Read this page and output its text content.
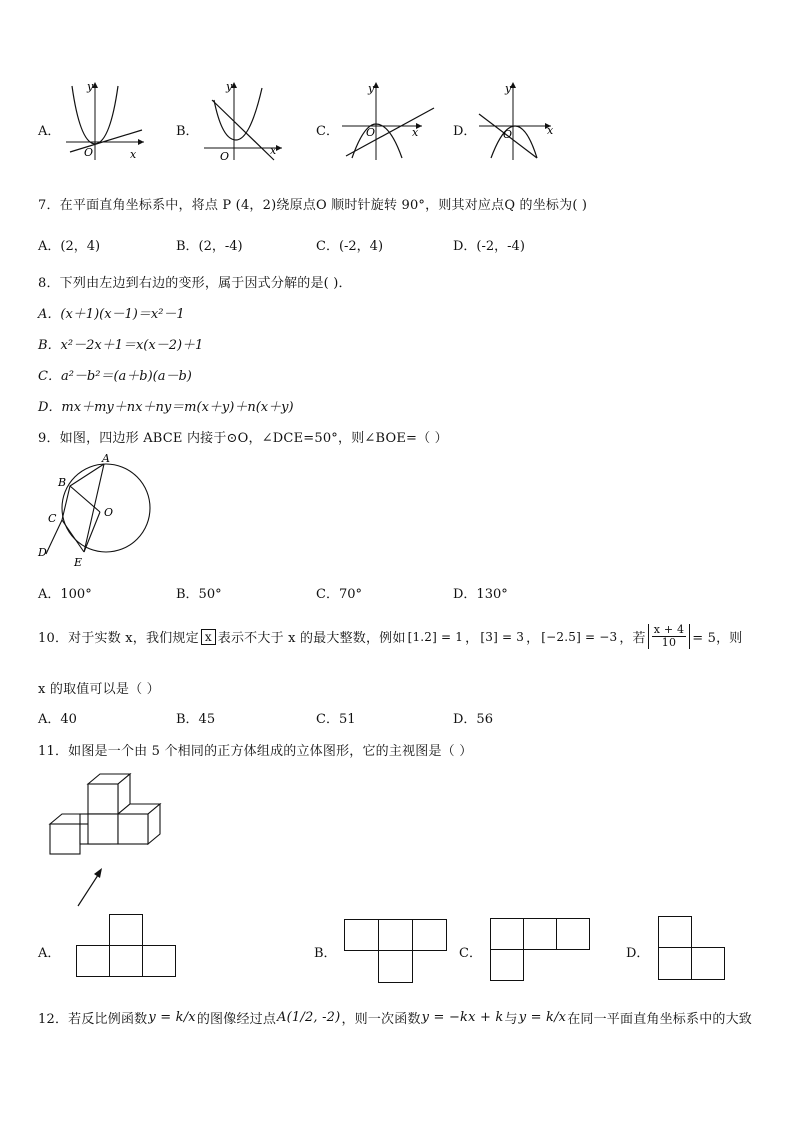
A．
y
x
O
B．
y
x
O
C．
y
x
O	D．
y
x
O
7．在平面直角坐标系中，将点 P (4，2)绕原点O 顺时针旋转 90°，则其对应点Q 的坐标为( )
A．(2，4)	B．(2，-4)	C．(-2，4)	D．(-2，-4)
8．下列由左边到右边的变形，属于因式分解的是( )．
A．(x＋1)(x－1)＝x²－1
B．x²－2x＋1＝x(x－2)＋1
C．a²－b²＝(a＋b)(a－b)
D．mx＋my＋nx＋ny＝m(x＋y)＋n(x＋y)
9．如图，四边形 ABCE 内接于⊙O，∠DCE=50°，则∠BOE=（ ）
A
B
C	O
D
E
A．100°	B．50°	C．70°	D．130°
10．对于实数 x，我们规定 x 表示不大于 x 的最大整数，例如 [1.2] = 1 ， [3] = 3 ， [−2.5] = −3 ，若 $\frac{x + 4}{10} = 5$，则
x 的取值可以是（ ）
A．40	B．45	C．51	D．56
11．如图是一个由 5 个相同的正方体组成的立体图形，它的主视图是（ ）
A．	B．	C．	D．
12．若反比例函数 y = k/x 的图像经过点 A(1/2, -2) ，则一次函数 y = −kx + k 与 y = k/x 在同一平面直角坐标系中的大致
